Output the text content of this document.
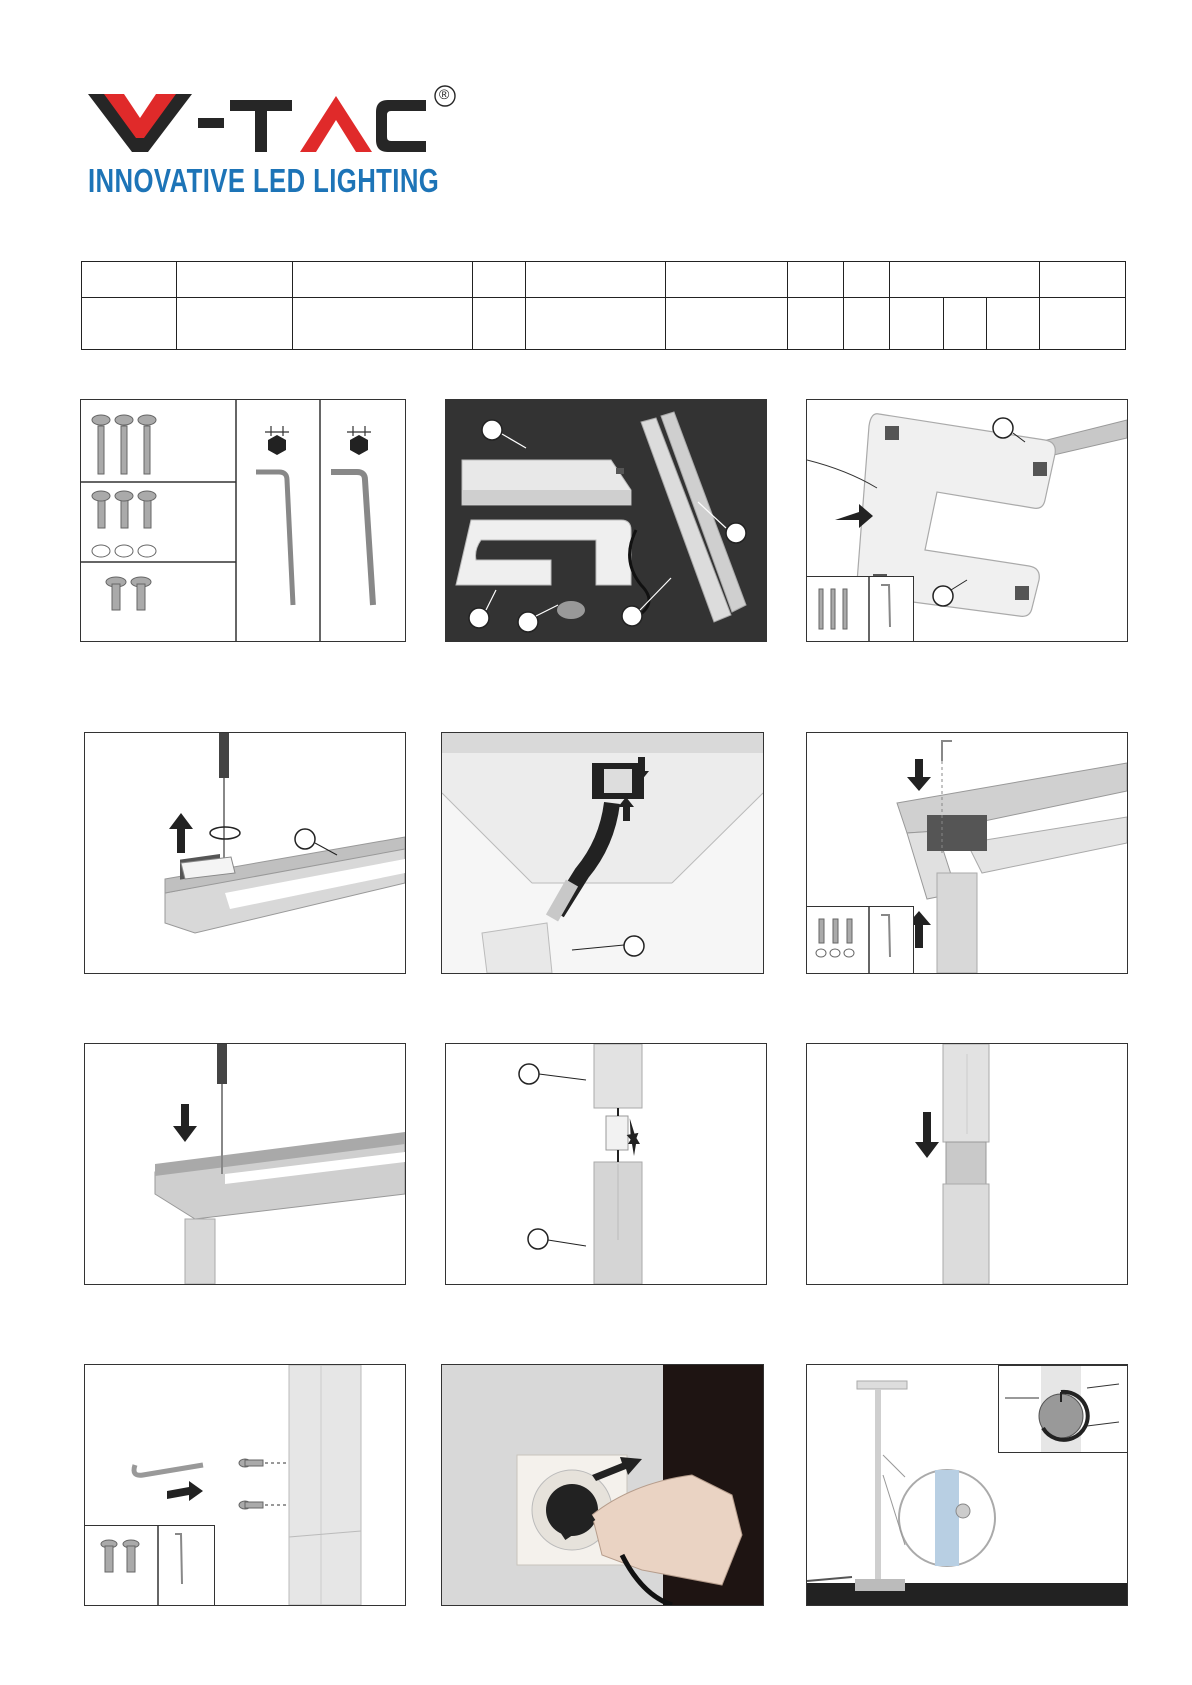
®
INNOVATIVE LED LIGHTING
